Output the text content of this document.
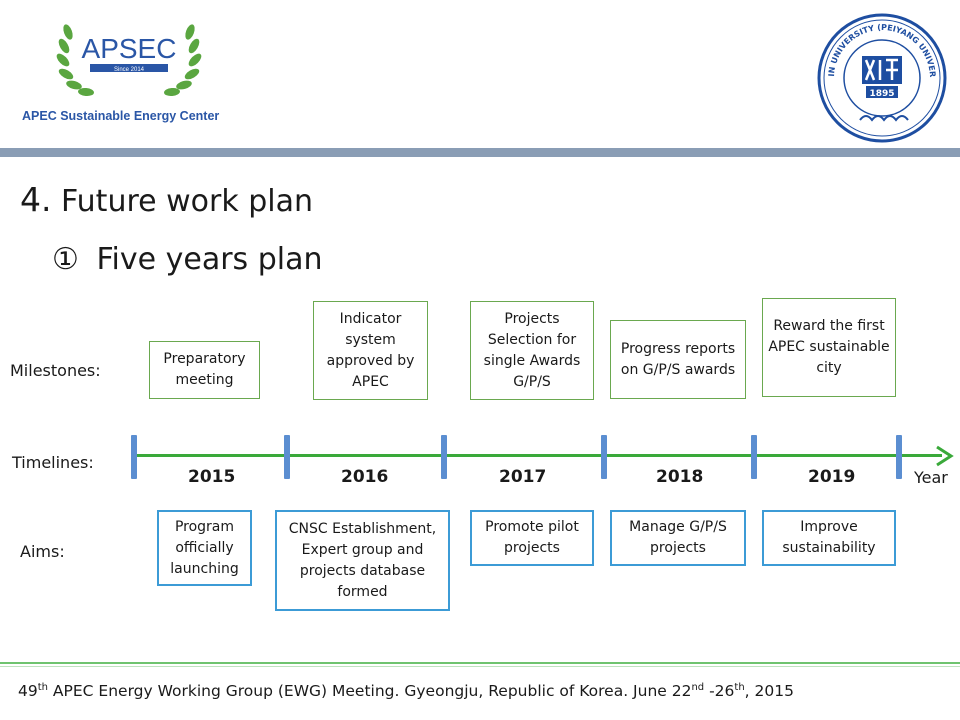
APSEC
Since 2014
APEC Sustainable Energy Center
IN UNIVERSITY (PEIYANG UNIVER
1895
4. Future work plan
① Five years plan
Milestones:
Timelines:
Aims:
Preparatory meeting
Indicator system approved by APEC
Projects Selection for single Awards G/P/S
Progress reports on G/P/S awards
Reward the first APEC sustainable city
2015	2016	2017	2018	2019	Year
Program officially launching
CNSC Establishment, Expert group and projects database formed
Promote pilot projects
Manage G/P/S projects
Improve sustainability
49th APEC Energy Working Group (EWG) Meeting. Gyeongju, Republic of Korea. June 22nd -26th, 2015
